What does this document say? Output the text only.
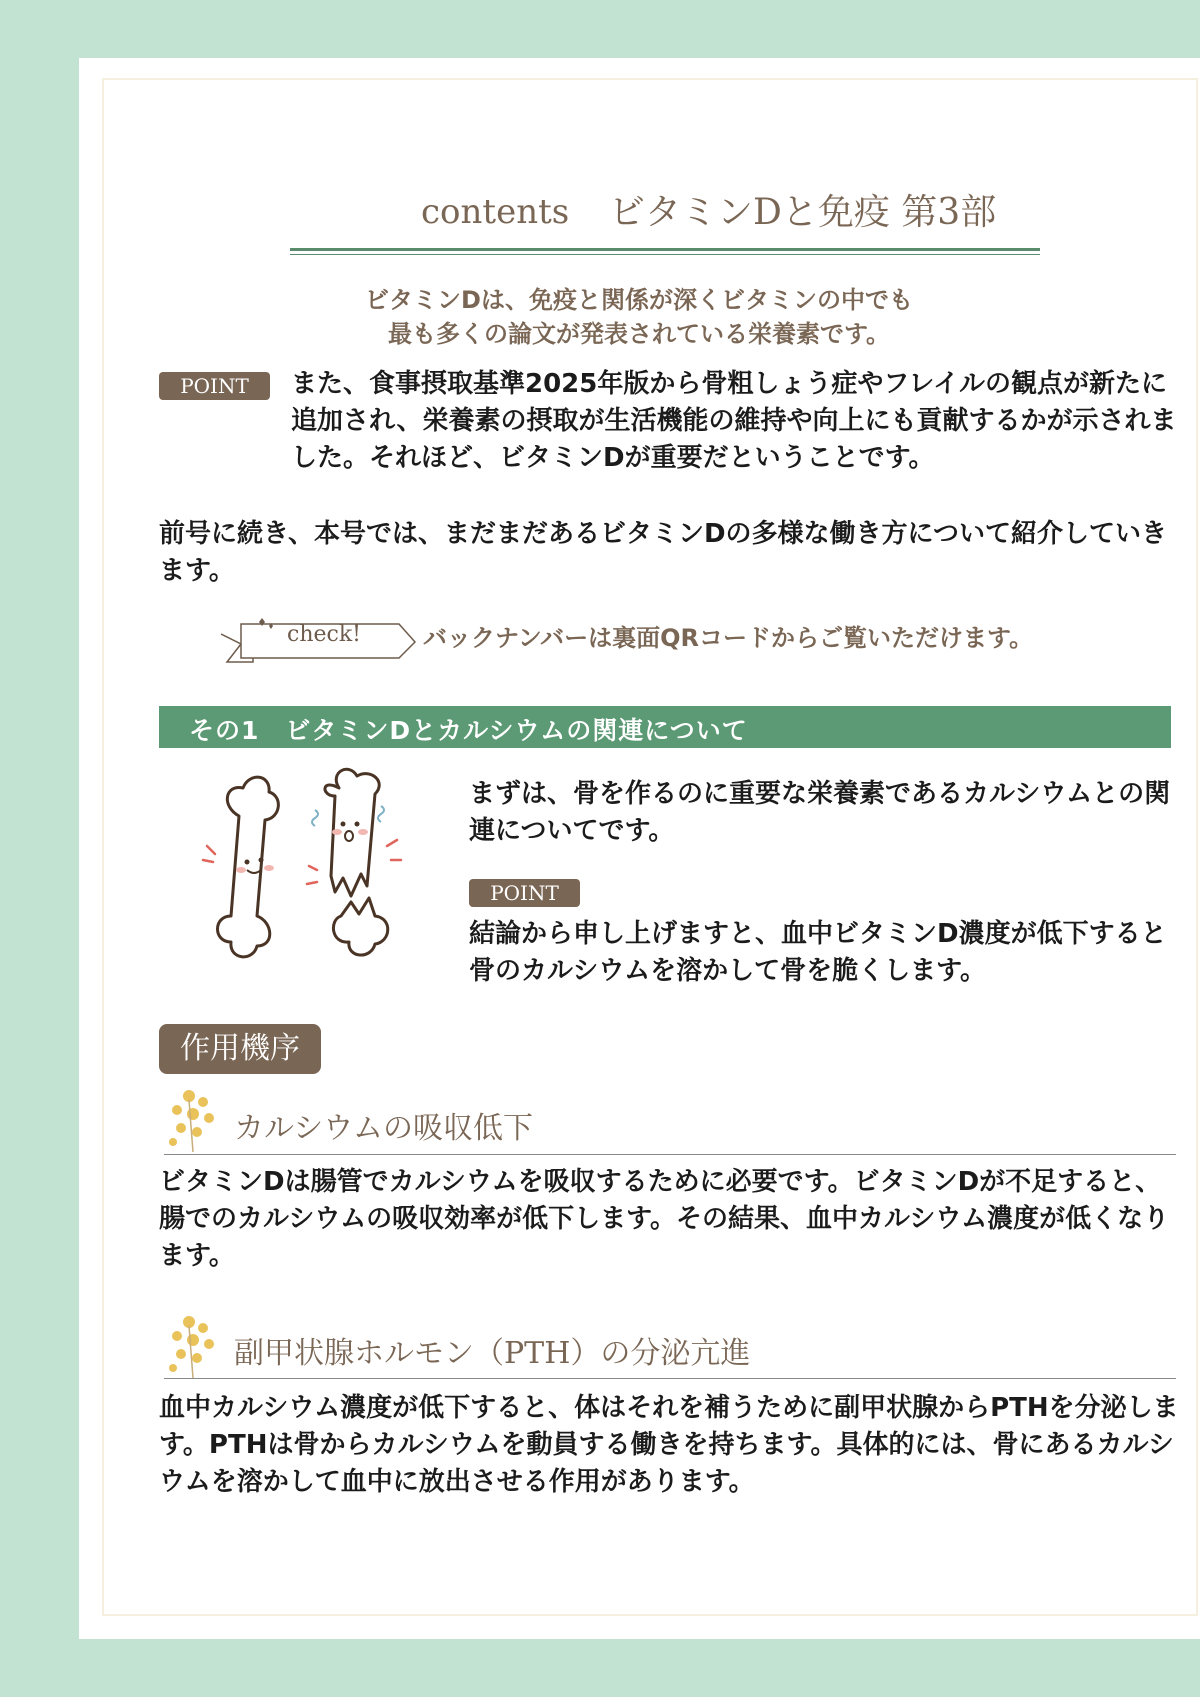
contents ビタミンDと免疫 第3部
ビタミンDは、免疫と関係が深くビタミンの中でも
最も多くの論文が発表されている栄養素です。
POINT	また、食事摂取基準2025年版から骨粗しょう症やフレイルの観点が新たに追加され、栄養素の摂取が生活機能の維持や向上にも貢献するかが示されました。それほど、ビタミンDが重要だということです。
前号に続き、本号では、まだまだあるビタミンDの多様な働き方について紹介していきます。
check!	バックナンバーは裏面QRコードからご覧いただけます。
その1　ビタミンDとカルシウムの関連について
まずは、骨を作るのに重要な栄養素であるカルシウムとの関連についてです。
POINT
結論から申し上げますと、血中ビタミンD濃度が低下すると骨のカルシウムを溶かして骨を脆くします。
作用機序
カルシウムの吸収低下
ビタミンDは腸管でカルシウムを吸収するために必要です。ビタミンDが不足すると、腸でのカルシウムの吸収効率が低下します。その結果、血中カルシウム濃度が低くなります。
副甲状腺ホルモン（PTH）の分泌亢進
血中カルシウム濃度が低下すると、体はそれを補うために副甲状腺からPTHを分泌します。PTHは骨からカルシウムを動員する働きを持ちます。具体的には、骨にあるカルシウムを溶かして血中に放出させる作用があります。
